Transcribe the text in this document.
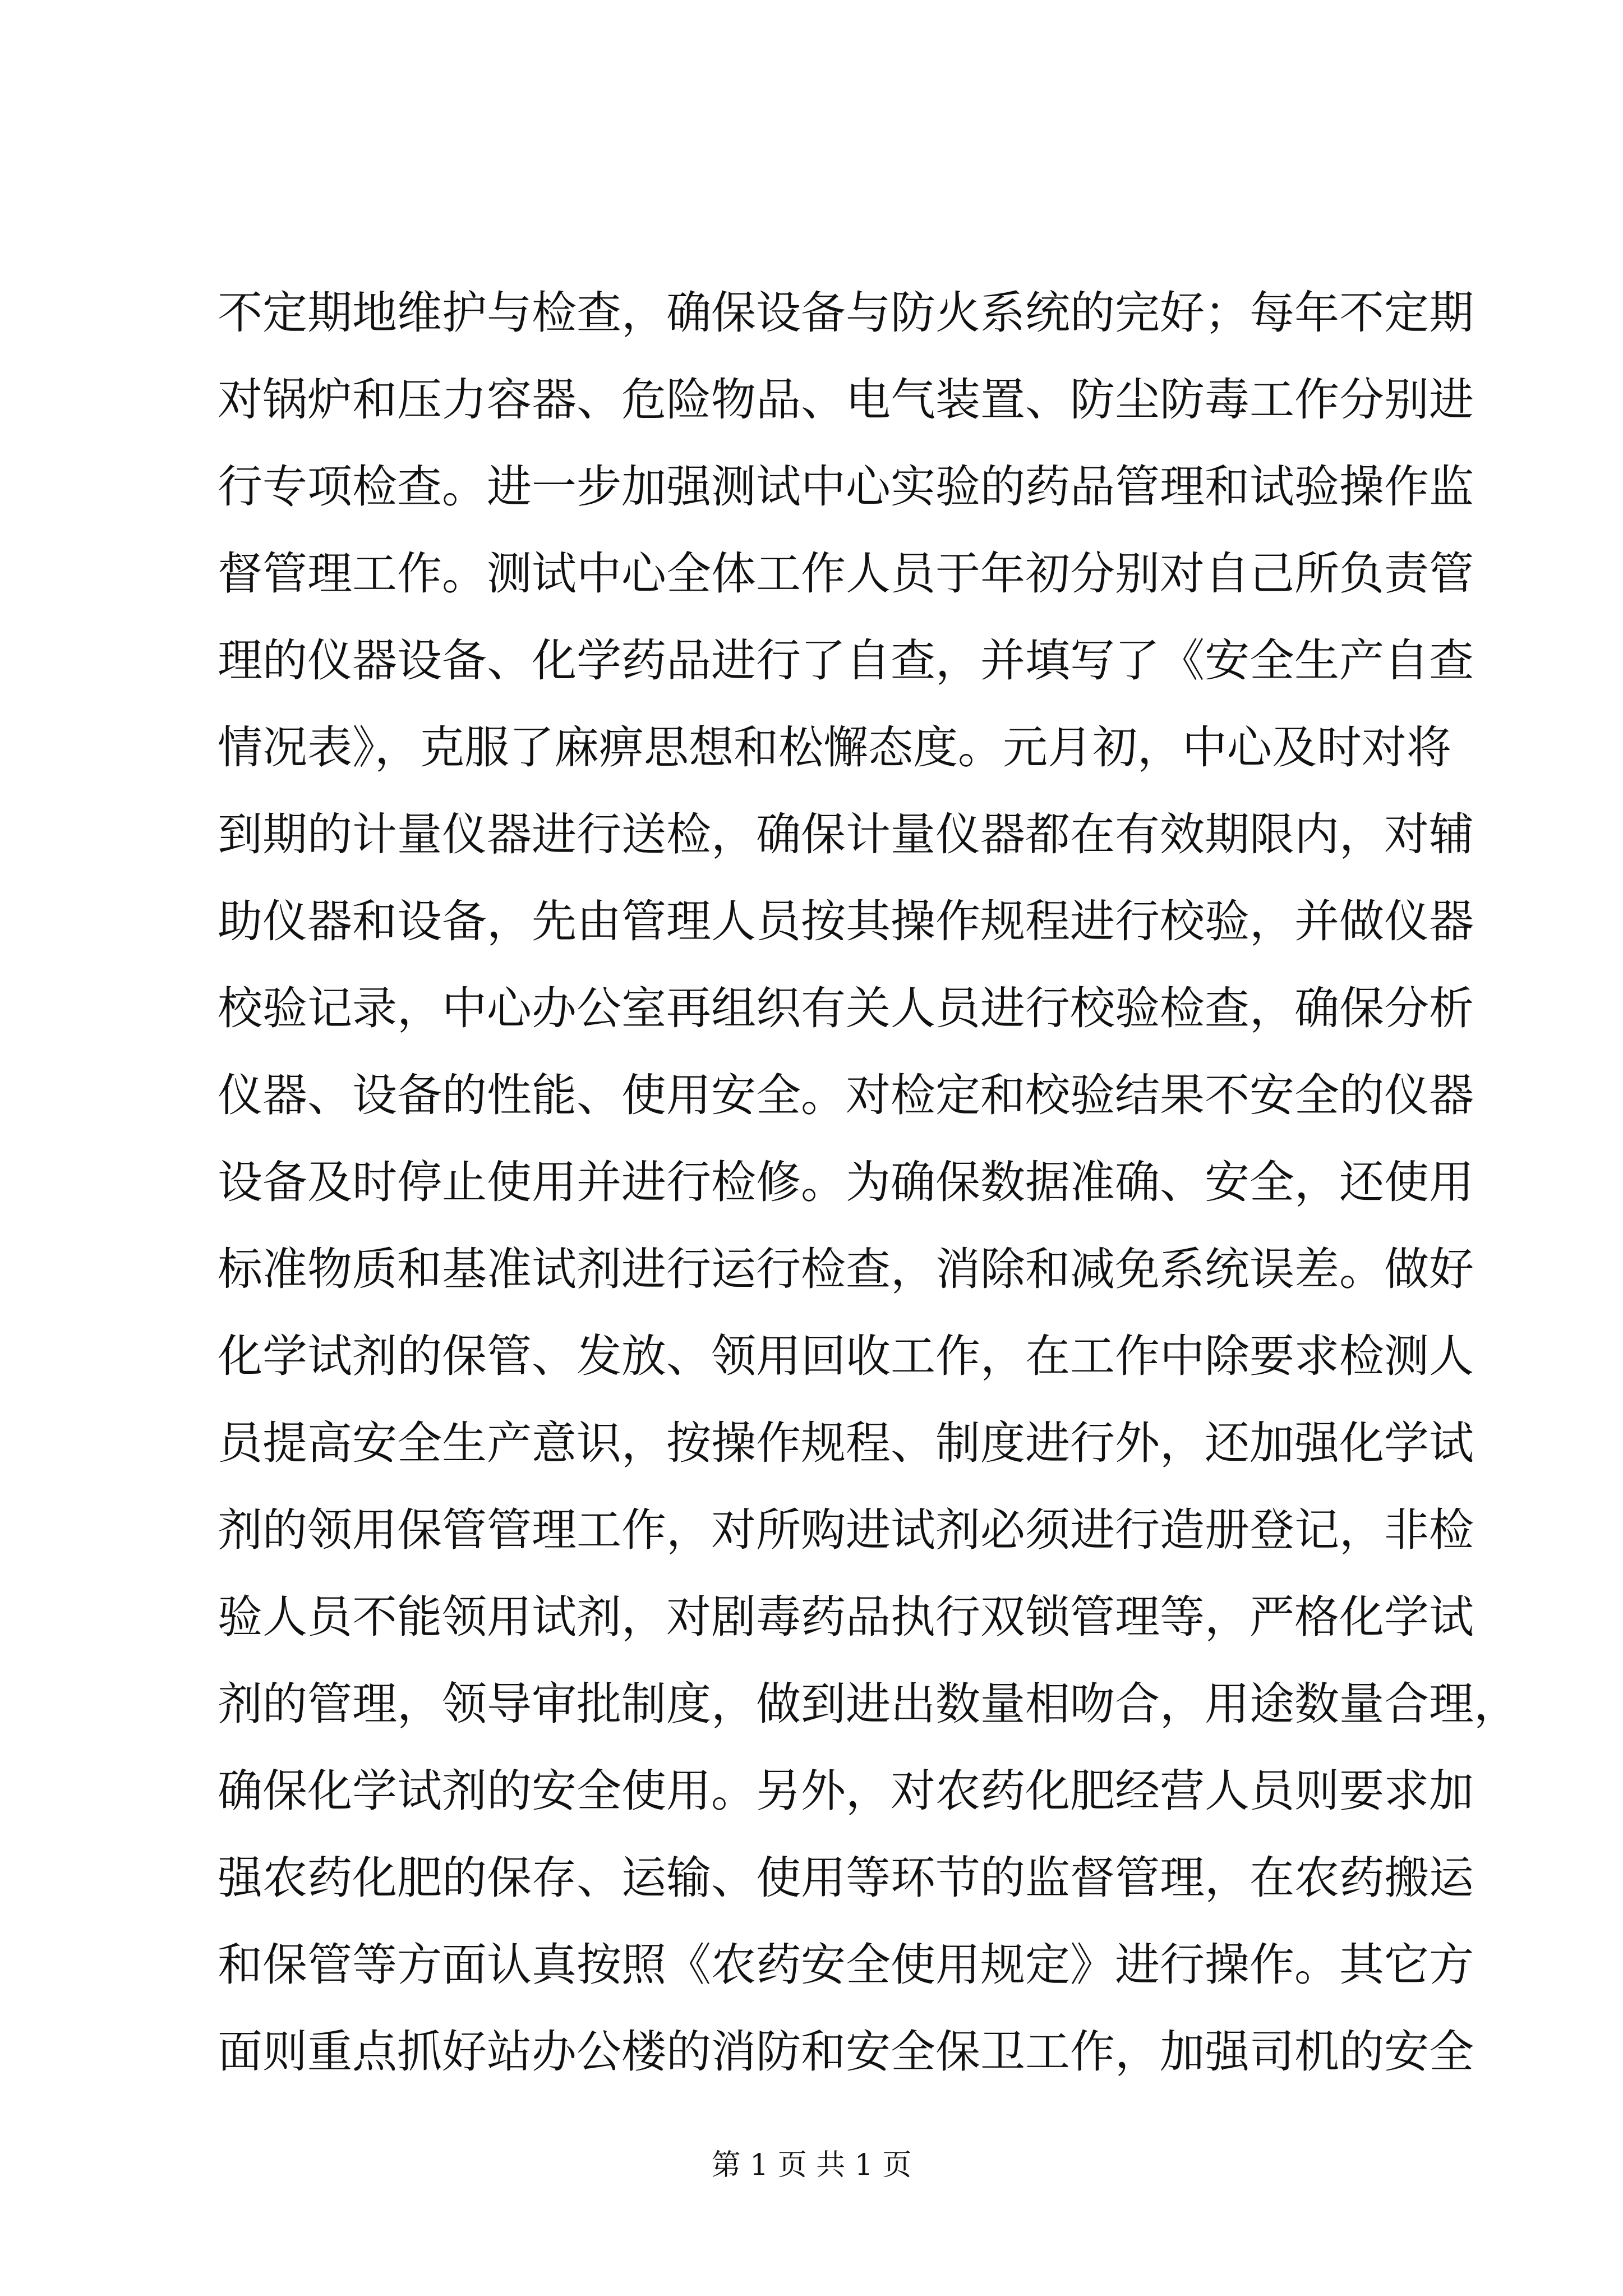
不定期地维护与检查，确保设备与防火系统的完好；每年不定期
对锅炉和压力容器、危险物品、电气装置、防尘防毒工作分别进
行专项检查。进一步加强测试中心实验的药品管理和试验操作监
督管理工作。测试中心全体工作人员于年初分别对自己所负责管
理的仪器设备、化学药品进行了自查，并填写了《安全生产自查
情况表》，克服了麻痹思想和松懈态度。元月初，中心及时对将
到期的计量仪器进行送检，确保计量仪器都在有效期限内，对辅
助仪器和设备，先由管理人员按其操作规程进行校验，并做仪器
校验记录，中心办公室再组织有关人员进行校验检查，确保分析
仪器、设备的性能、使用安全。对检定和校验结果不安全的仪器
设备及时停止使用并进行检修。为确保数据准确、安全，还使用
标准物质和基准试剂进行运行检查，消除和减免系统误差。做好
化学试剂的保管、发放、领用回收工作，在工作中除要求检测人
员提高安全生产意识，按操作规程、制度进行外，还加强化学试
剂的领用保管管理工作，对所购进试剂必须进行造册登记，非检
验人员不能领用试剂，对剧毒药品执行双锁管理等，严格化学试
剂的管理，领导审批制度，做到进出数量相吻合，用途数量合理，
确保化学试剂的安全使用。另外，对农药化肥经营人员则要求加
强农药化肥的保存、运输、使用等环节的监督管理，在农药搬运
和保管等方面认真按照《农药安全使用规定》进行操作。其它方
面则重点抓好站办公楼的消防和安全保卫工作，加强司机的安全
第 1 页 共 1 页
